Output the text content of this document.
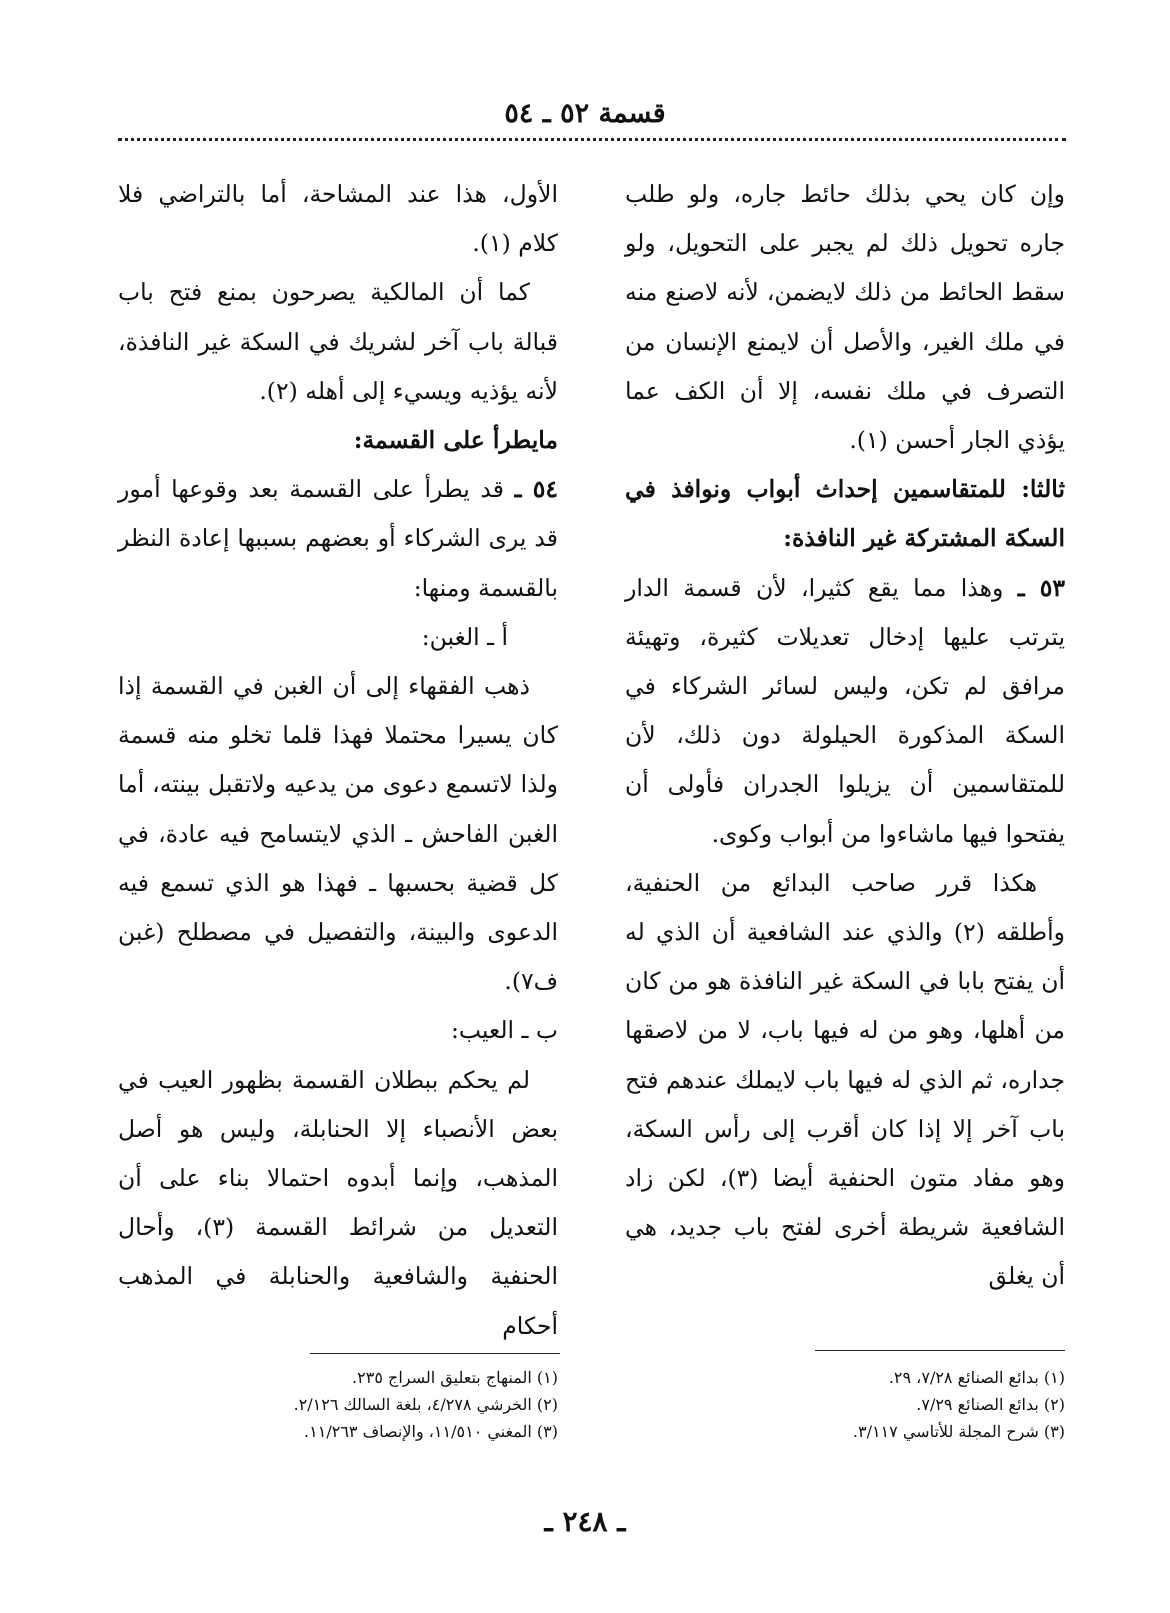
قسمة ٥٢ ـ ٥٤

وإن كان يحي بذلك حائط جاره، ولو طلب جاره تحويل ذلك لم يجبر على التحويل، ولو سقط الحائط من ذلك لايضمن، لأنه لاصنع منه في ملك الغير، والأصل أن لايمنع الإنسان من التصرف في ملك نفسه، إلا أن الكف عما يؤذي الجار أحسن (١).

ثالثا: للمتقاسمين إحداث أبواب ونوافذ في السكة المشتركة غير النافذة:

٥٣ ـ وهذا مما يقع كثيرا، لأن قسمة الدار يترتب عليها إدخال تعديلات كثيرة، وتهيئة مرافق لم تكن، وليس لسائر الشركاء في السكة المذكورة الحيلولة دون ذلك، لأن للمتقاسمين أن يزيلوا الجدران فأولى أن يفتحوا فيها ماشاءوا من أبواب وكوى.

هكذا قرر صاحب البدائع من الحنفية، وأطلقه (٢) والذي عند الشافعية أن الذي له أن يفتح بابا في السكة غير النافذة هو من كان من أهلها، وهو من له فيها باب، لا من لاصقها جداره، ثم الذي له فيها باب لايملك عندهم فتح باب آخر إلا إذا كان أقرب إلى رأس السكة، وهو مفاد متون الحنفية أيضا (٣)، لكن زاد الشافعية شريطة أخرى لفتح باب جديد، هي أن يغلق

الأول، هذا عند المشاحة، أما بالتراضي فلا كلام (١).

كما أن المالكية يصرحون بمنع فتح باب قبالة باب آخر لشريك في السكة غير النافذة، لأنه يؤذيه ويسيء إلى أهله (٢).

مايطرأ على القسمة:

٥٤ ـ قد يطرأ على القسمة بعد وقوعها أمور قد يرى الشركاء أو بعضهم بسببها إعادة النظر بالقسمة ومنها:

أ ـ الغبن:

ذهب الفقهاء إلى أن الغبن في القسمة إذا كان يسيرا محتملا فهذا قلما تخلو منه قسمة ولذا لاتسمع دعوى من يدعيه ولاتقبل بينته، أما الغبن الفاحش ـ الذي لايتسامح فيه عادة، في كل قضية بحسبها ـ فهذا هو الذي تسمع فيه الدعوى والبينة، والتفصيل في مصطلح (غبن ف٧).

ب ـ العيب:

لم يحكم ببطلان القسمة بظهور العيب في بعض الأنصباء إلا الحنابلة، وليس هو أصل المذهب، وإنما أبدوه احتمالا بناء على أن التعديل من شرائط القسمة (٣)، وأحال الحنفية والشافعية والحنابلة في المذهب أحكام

(١) بدائع الصنائع ٧/٢٨، ٢٩.
(٢) بدائع الصنائع ٧/٢٩.
(٣) شرح المجلة للأتاسي ٣/١١٧.
(١) المنهاج بتعليق السراج ٢٣٥.
(٢) الخرشي ٤/٢٧٨، بلغة السالك ٢/١٢٦.
(٣) المغني ١١/٥١٠، والإنصاف ١١/٢٦٣.
ـ ٢٤٨ ـ
